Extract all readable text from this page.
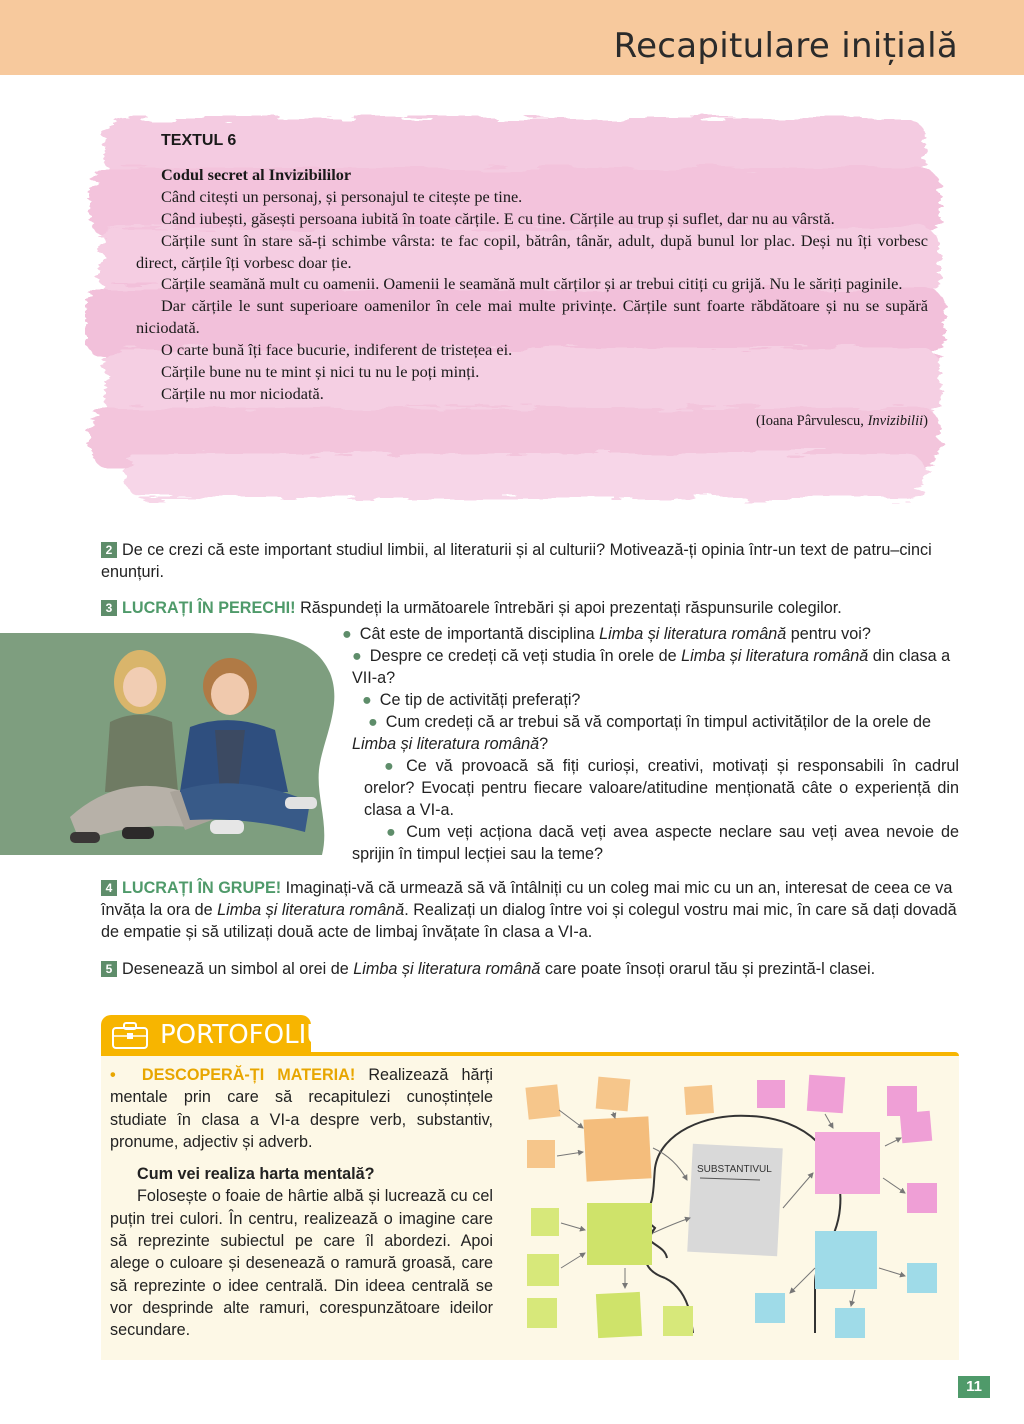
Recapitulare inițială
TEXTUL 6
Codul secret al Invizibililor

Când citești un personaj, și personajul te citește pe tine.

Când iubești, găsești persoana iubită în toate cărțile. E cu tine. Cărțile au trup și suflet, dar nu au vârstă.

Cărțile sunt în stare să-ți schimbe vârsta: te fac copil, bătrân, tânăr, adult, după bunul lor plac. Deși nu îți vorbesc direct, cărțile îți vorbesc doar ție.

Cărțile seamănă mult cu oamenii. Oamenii le seamănă mult cărților și ar trebui citiți cu grijă. Nu le săriți paginile.

Dar cărțile le sunt superioare oamenilor în cele mai multe privințe. Cărțile sunt foarte răbdătoare și nu se supără niciodată.

O carte bună îți face bucurie, indiferent de tristețea ei.

Cărțile bune nu te mint și nici tu nu le poți minți.

Cărțile nu mor niciodată.

(Ioana Pârvulescu, Invizibilii)
2 De ce crezi că este important studiul limbii, al literaturii și al culturii? Motivează-ți opinia într-un text de patru–cinci enunțuri.
3 LUCRAȚI ÎN PERECHI! Răspundeți la următoarele întrebări și apoi prezentați răspunsurile colegilor.

● Cât este de importantă disciplina Limba și literatura română pentru voi?

● Despre ce credeți că veți studia în orele de Limba și literatura română din clasa a VII-a?

● Ce tip de activități preferați?

● Cum credeți că ar trebui să vă comportați în timpul activităților de la orele de Limba și literatura română?

● Ce vă provoacă să fiți curioși, creativi, motivați și responsabili în cadrul orelor? Evocați pentru fiecare valoare/atitudine menționată câte o experiență din clasa a VI-a.

● Cum veți acționa dacă veți avea aspecte neclare sau veți avea nevoie de sprijin în timpul lecției sau la teme?

4 LUCRAȚI ÎN GRUPE! Imaginați-vă că urmează să vă întâlniți cu un coleg mai mic cu un an, interesat de ceea ce va învăța la ora de Limba și literatura română. Realizați un dialog între voi și colegul vostru mai mic, în care să dați dovadă de empatie și să utilizați două acte de limbaj învățate în clasa a VI-a.
5 Desenează un simbol al orei de Limba și literatura română care poate însoți orarul tău și prezintă-l clasei.
PORTOFOLIU

•  DESCOPERĂ-ȚI MATERIA! Realizează hărți mentale prin care să recapitulezi cunoștințele studiate în clasa a VI-a despre verb, substantiv, pronume, adjectiv și adverb.

Cum vei realiza harta mentală?

Folosește o foaie de hârtie albă și lucrează cu cel puțin trei culori. În centru, realizează o imagine care să reprezinte subiectul pe care îl abordezi. Apoi alege o culoare și desenează o ramură groasă, care să reprezinte o idee centrală. Din ideea centrală se vor desprinde alte ramuri, corespunzătoare ideilor secundare.

SUBSTANTIVUL
11
